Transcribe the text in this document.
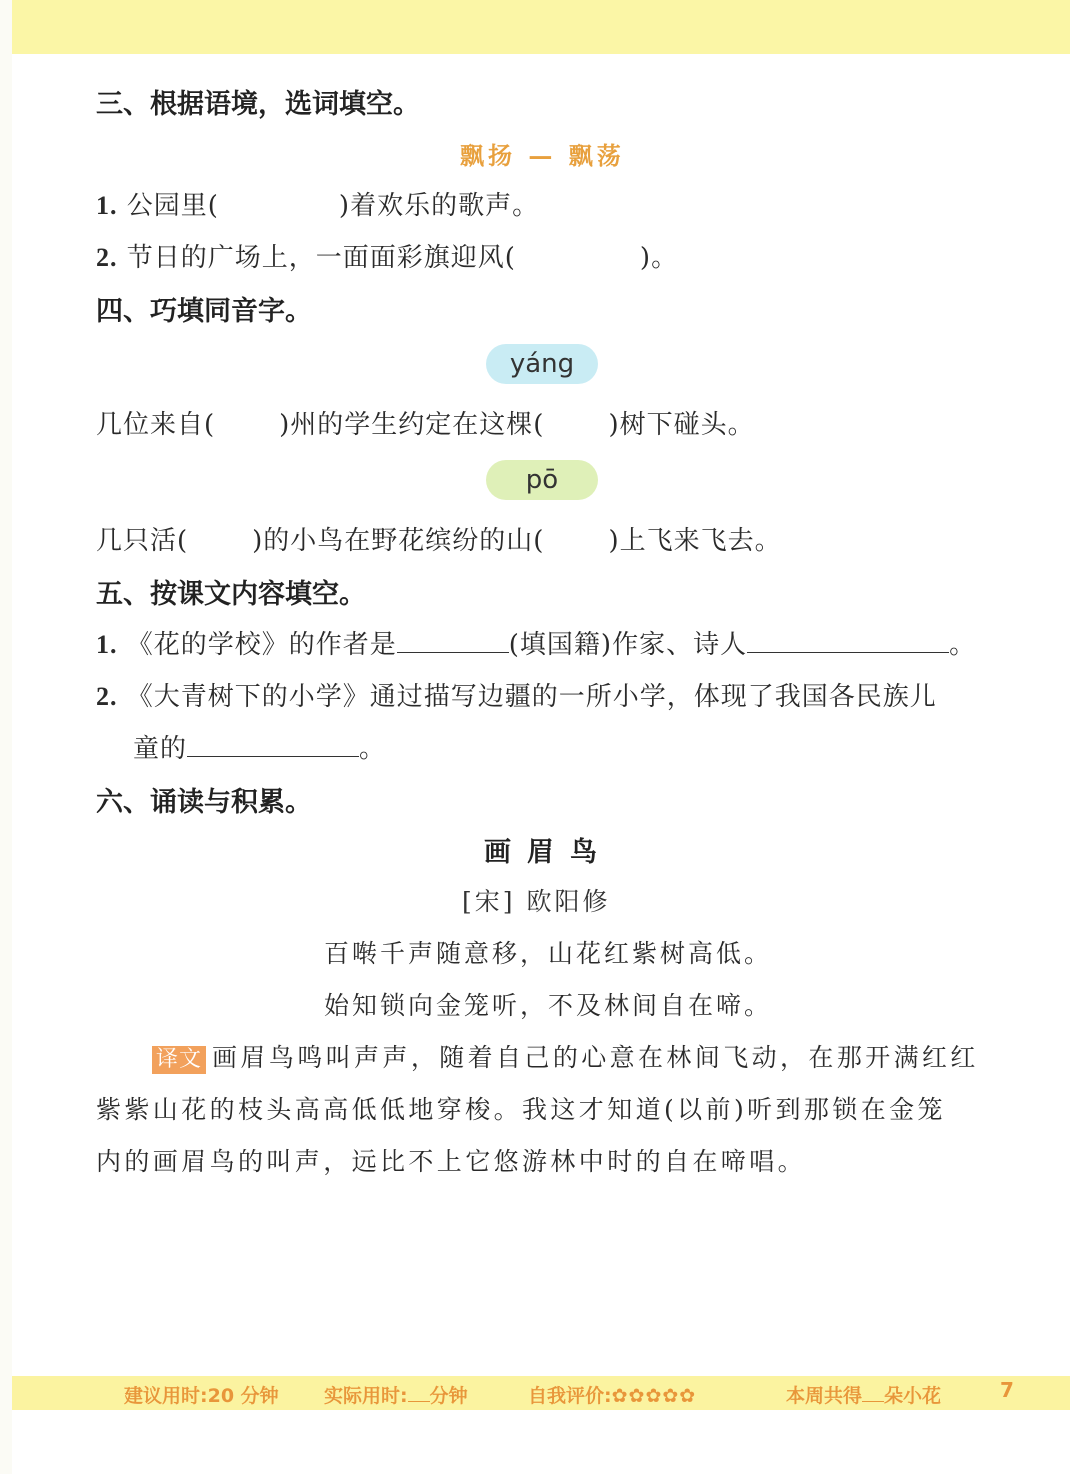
三、根据语境，选词填空。
飘扬 — 飘荡
1. 公园里(	)着欢乐的歌声。
2. 节日的广场上，一面面彩旗迎风(	)。
四、巧填同音字。
yáng
几位来自( )州的学生约定在这棵( )树下碰头。
pō
几只活( )的小鸟在野花缤纷的山( )上飞来飞去。
五、按课文内容填空。
1. 《花的学校》的作者是	(填国籍)作家、诗人	。
2. 《大青树下的小学》通过描写边疆的一所小学，体现了我国各民族儿
童的	。
六、诵读与积累。
画眉鸟
[宋] 欧阳修
百啭千声随意移，山花红紫树高低。
始知锁向金笼听，不及林间自在啼。
译文 画眉鸟鸣叫声声，随着自己的心意在林间飞动，在那开满红红
紫紫山花的枝头高高低低地穿梭。我这才知道(以前)听到那锁在金笼
内的画眉鸟的叫声，远比不上它悠游林中时的自在啼唱。
建议用时:20 分钟 实际用时: 分钟	自我评价:✿✿✿✿✿	本周共得 朵小花	7
